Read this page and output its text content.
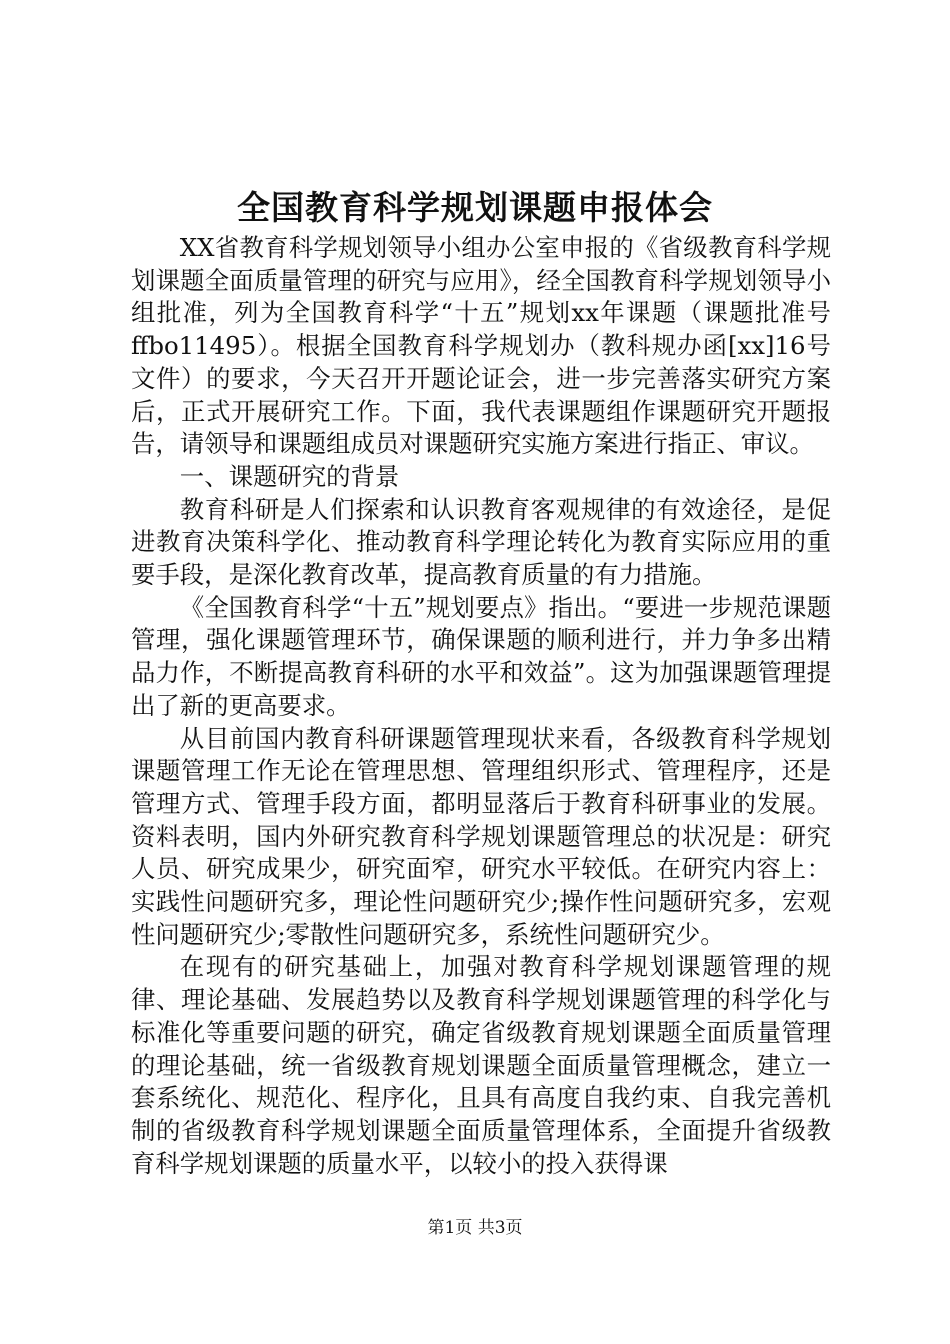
全国教育科学规划课题申报体会

XX省教育科学规划领导小组办公室申报的《省级教育科学规划课题全面质量管理的研究与应用》，经全国教育科学规划领导小组批准，列为全国教育科学“十五”规划xx年课题（课题批准号ffbo11495）。根据全国教育科学规划办（教科规办函[xx]16号文件）的要求，今天召开开题论证会，进一步完善落实研究方案后，正式开展研究工作。下面，我代表课题组作课题研究开题报告，请领导和课题组成员对课题研究实施方案进行指正、审议。

一、课题研究的背景

教育科研是人们探索和认识教育客观规律的有效途径，是促进教育决策科学化、推动教育科学理论转化为教育实际应用的重要手段，是深化教育改革，提高教育质量的有力措施。

《全国教育科学“十五”规划要点》指出。“要进一步规范课题管理，强化课题管理环节，确保课题的顺利进行，并力争多出精品力作，不断提高教育科研的水平和效益”。这为加强课题管理提出了新的更高要求。

从目前国内教育科研课题管理现状来看，各级教育科学规划课题管理工作无论在管理思想、管理组织形式、管理程序，还是管理方式、管理手段方面，都明显落后于教育科研事业的发展。资料表明，国内外研究教育科学规划课题管理总的状况是：研究人员、研究成果少，研究面窄，研究水平较低。在研究内容上：实践性问题研究多，理论性问题研究少;操作性问题研究多，宏观性问题研究少;零散性问题研究多，系统性问题研究少。

在现有的研究基础上，加强对教育科学规划课题管理的规律、理论基础、发展趋势以及教育科学规划课题管理的科学化与标准化等重要问题的研究，确定省级教育规划课题全面质量管理的理论基础，统一省级教育规划课题全面质量管理概念，建立一套系统化、规范化、程序化，且具有高度自我约束、自我完善机制的省级教育科学规划课题全面质量管理体系，全面提升省级教育科学规划课题的质量水平，以较小的投入获得课

第1页 共3页
